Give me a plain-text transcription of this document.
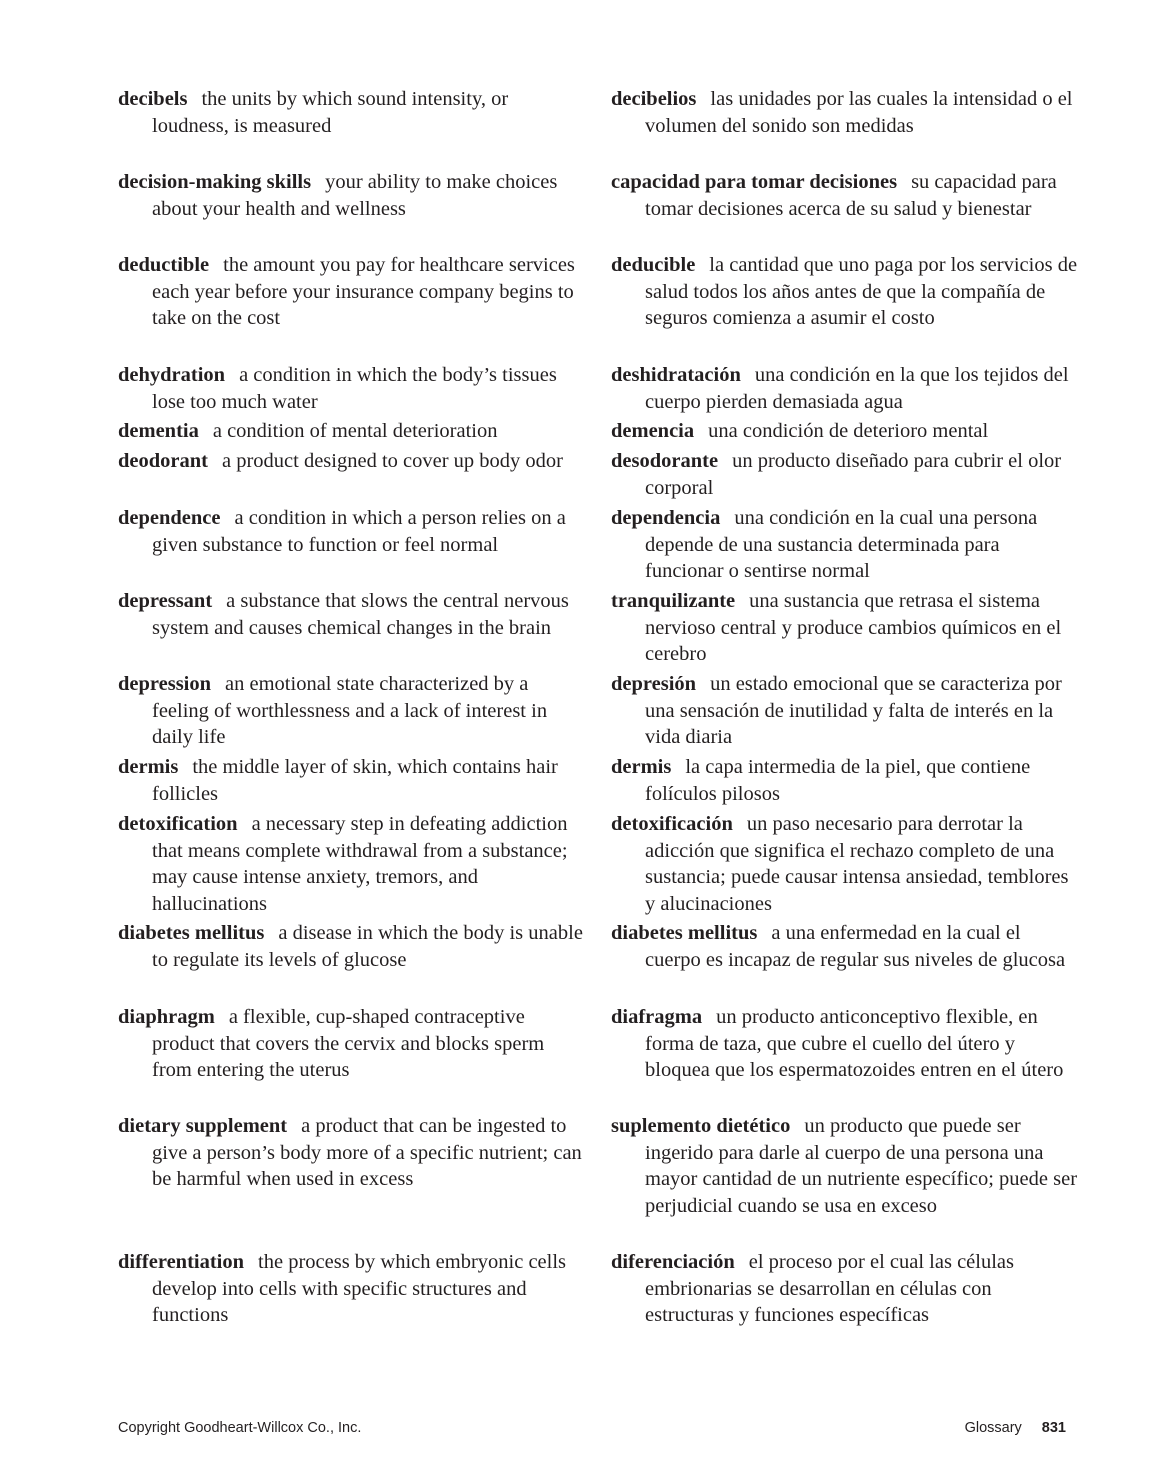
decibels the units by which sound intensity, or loudness, is measured
decibelios las unidades por las cuales la intensidad o el volumen del sonido son medidas
decision-making skills your ability to make choices about your health and wellness
capacidad para tomar decisiones su capacidad para tomar decisiones acerca de su salud y bienestar
deductible the amount you pay for healthcare services each year before your insurance company begins to take on the cost
deducible la cantidad que uno paga por los servicios de salud todos los años antes de que la compañía de seguros comienza a asumir el costo
dehydration a condition in which the body’s tissues lose too much water
deshidratación una condición en la que los tejidos del cuerpo pierden demasiada agua
dementia a condition of mental deterioration	demencia una condición de deterioro mental
deodorant a product designed to cover up body odor	desodorante un producto diseñado para cubrir el olor corporal
dependence a condition in which a person relies on a given substance to function or feel normal
dependencia una condición en la cual una persona depende de una sustancia determinada para funcionar o sentirse normal
depressant a substance that slows the central nervous system and causes chemical changes in the brain
tranquilizante una sustancia que retrasa el sistema nervioso central y produce cambios químicos en el cerebro
depression an emotional state characterized by a feeling of worthlessness and a lack of interest in daily life
depresión un estado emocional que se caracteriza por una sensación de inutilidad y falta de interés en la vida diaria
dermis the middle layer of skin, which contains hair follicles
dermis la capa intermedia de la piel, que contiene folículos pilosos
detoxification a necessary step in defeating addiction that means complete withdrawal from a substance; may cause intense anxiety, tremors, and hallucinations
detoxificación un paso necesario para derrotar la adicción que significa el rechazo completo de una sustancia; puede causar intensa ansiedad, temblores y alucinaciones
diabetes mellitus a disease in which the body is unable to regulate its levels of glucose
diabetes mellitus a una enfermedad en la cual el cuerpo es incapaz de regular sus niveles de glucosa
diaphragm a flexible, cup-shaped contraceptive product that covers the cervix and blocks sperm from entering the uterus
diafragma un producto anticonceptivo flexible, en forma de taza, que cubre el cuello del útero y bloquea que los espermatozoides entren en el útero
dietary supplement a product that can be ingested to give a person’s body more of a specific nutrient; can be harmful when used in excess
suplemento dietético un producto que puede ser ingerido para darle al cuerpo de una persona una mayor cantidad de un nutriente específico; puede ser perjudicial cuando se usa en exceso
differentiation the process by which embryonic cells develop into cells with specific structures and functions
diferenciación el proceso por el cual las células embrionarias se desarrollan en células con estructuras y funciones específicas
Copyright Goodheart-Willcox Co., Inc.	Glossary 831
